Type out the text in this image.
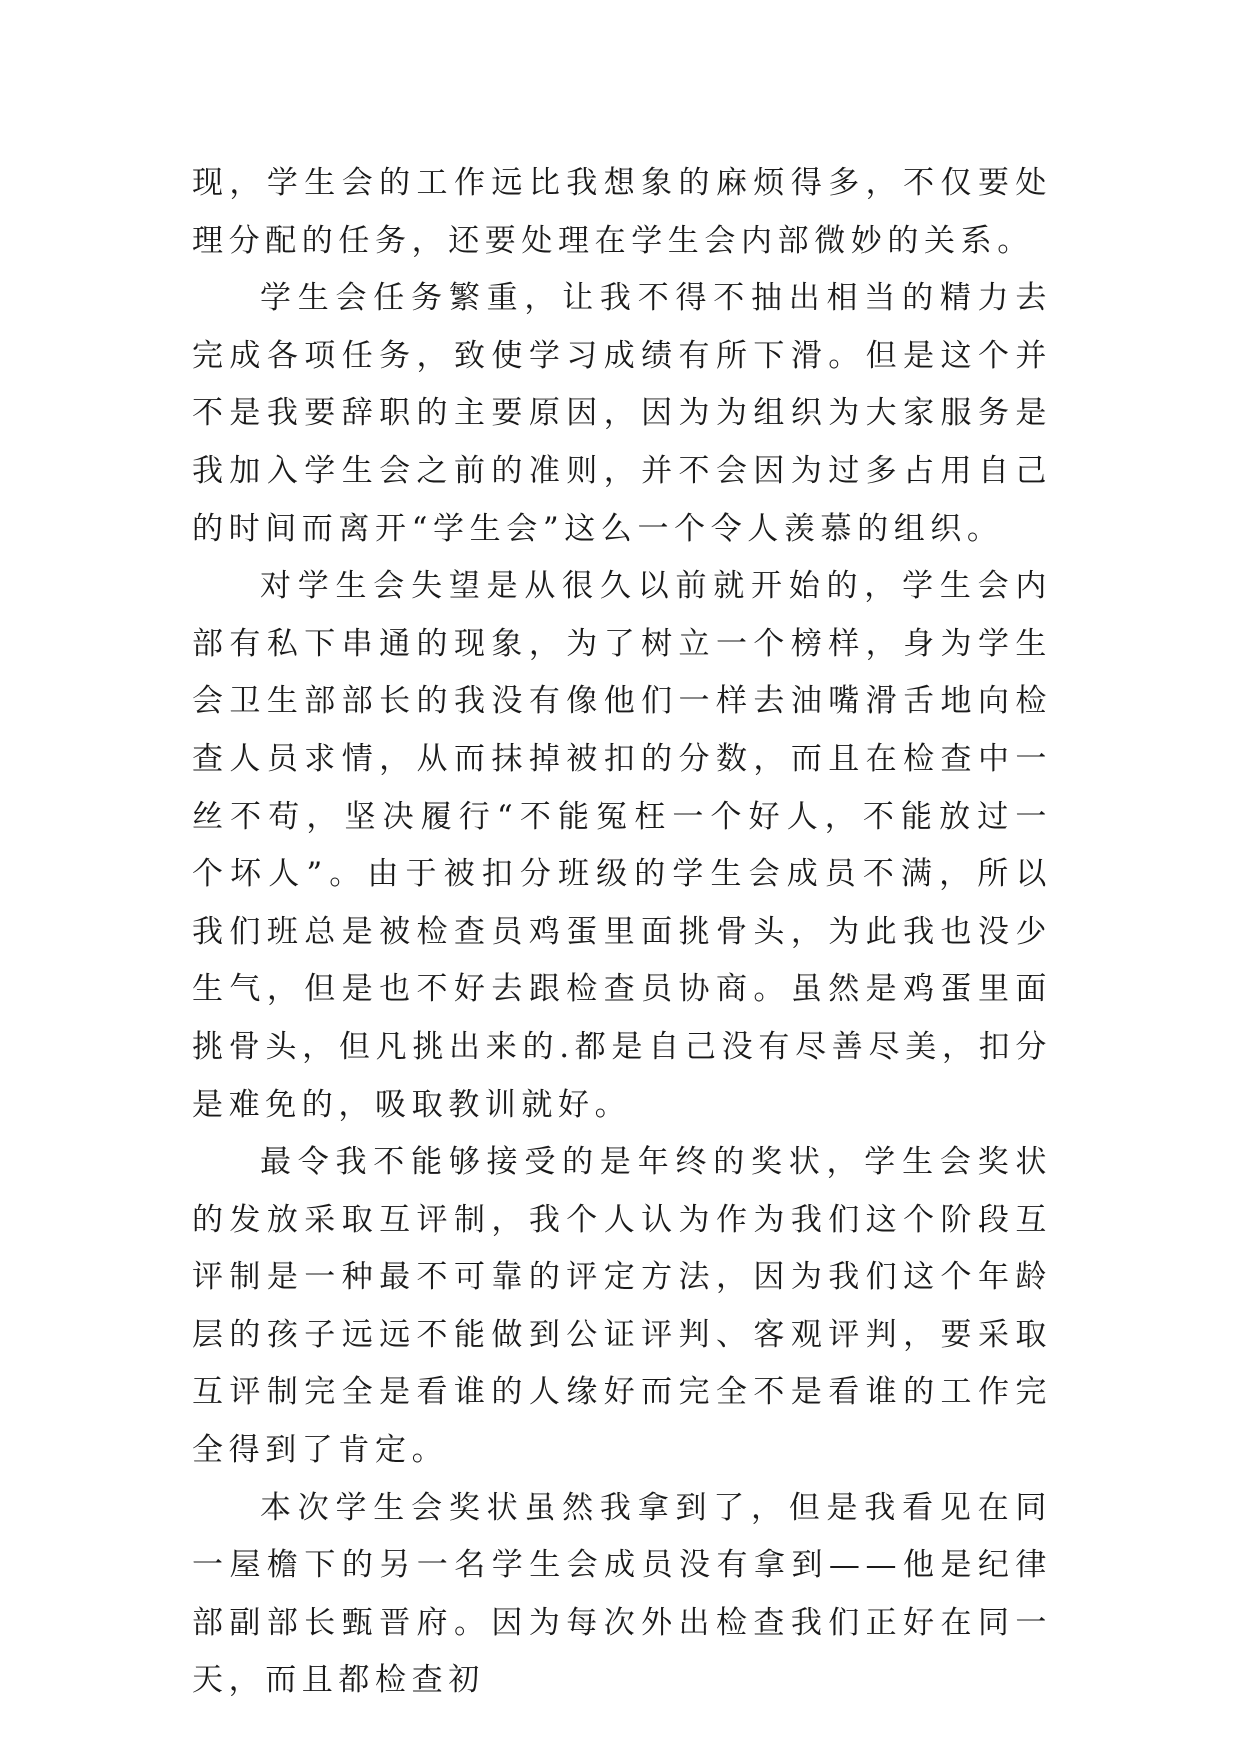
现，学生会的工作远比我想象的麻烦得多，不仅要处理分配的任务，还要处理在学生会内部微妙的关系。

学生会任务繁重，让我不得不抽出相当的精力去完成各项任务，致使学习成绩有所下滑。但是这个并不是我要辞职的主要原因，因为为组织为大家服务是我加入学生会之前的准则，并不会因为过多占用自己的时间而离开“学生会”这么一个令人羡慕的组织。

对学生会失望是从很久以前就开始的，学生会内部有私下串通的现象，为了树立一个榜样，身为学生会卫生部部长的我没有像他们一样去油嘴滑舌地向检查人员求情，从而抹掉被扣的分数，而且在检查中一丝不苟，坚决履行“不能冤枉一个好人，不能放过一个坏人”。由于被扣分班级的学生会成员不满，所以我们班总是被检查员鸡蛋里面挑骨头，为此我也没少生气，但是也不好去跟检查员协商。虽然是鸡蛋里面挑骨头，但凡挑出来的.都是自己没有尽善尽美，扣分是难免的，吸取教训就好。

最令我不能够接受的是年终的奖状，学生会奖状的发放采取互评制，我个人认为作为我们这个阶段互评制是一种最不可靠的评定方法，因为我们这个年龄层的孩子远远不能做到公证评判、客观评判，要采取互评制完全是看谁的人缘好而完全不是看谁的工作完全得到了肯定。

本次学生会奖状虽然我拿到了，但是我看见在同一屋檐下的另一名学生会成员没有拿到——他是纪律部副部长甄晋府。因为每次外出检查我们正好在同一天，而且都检查初
